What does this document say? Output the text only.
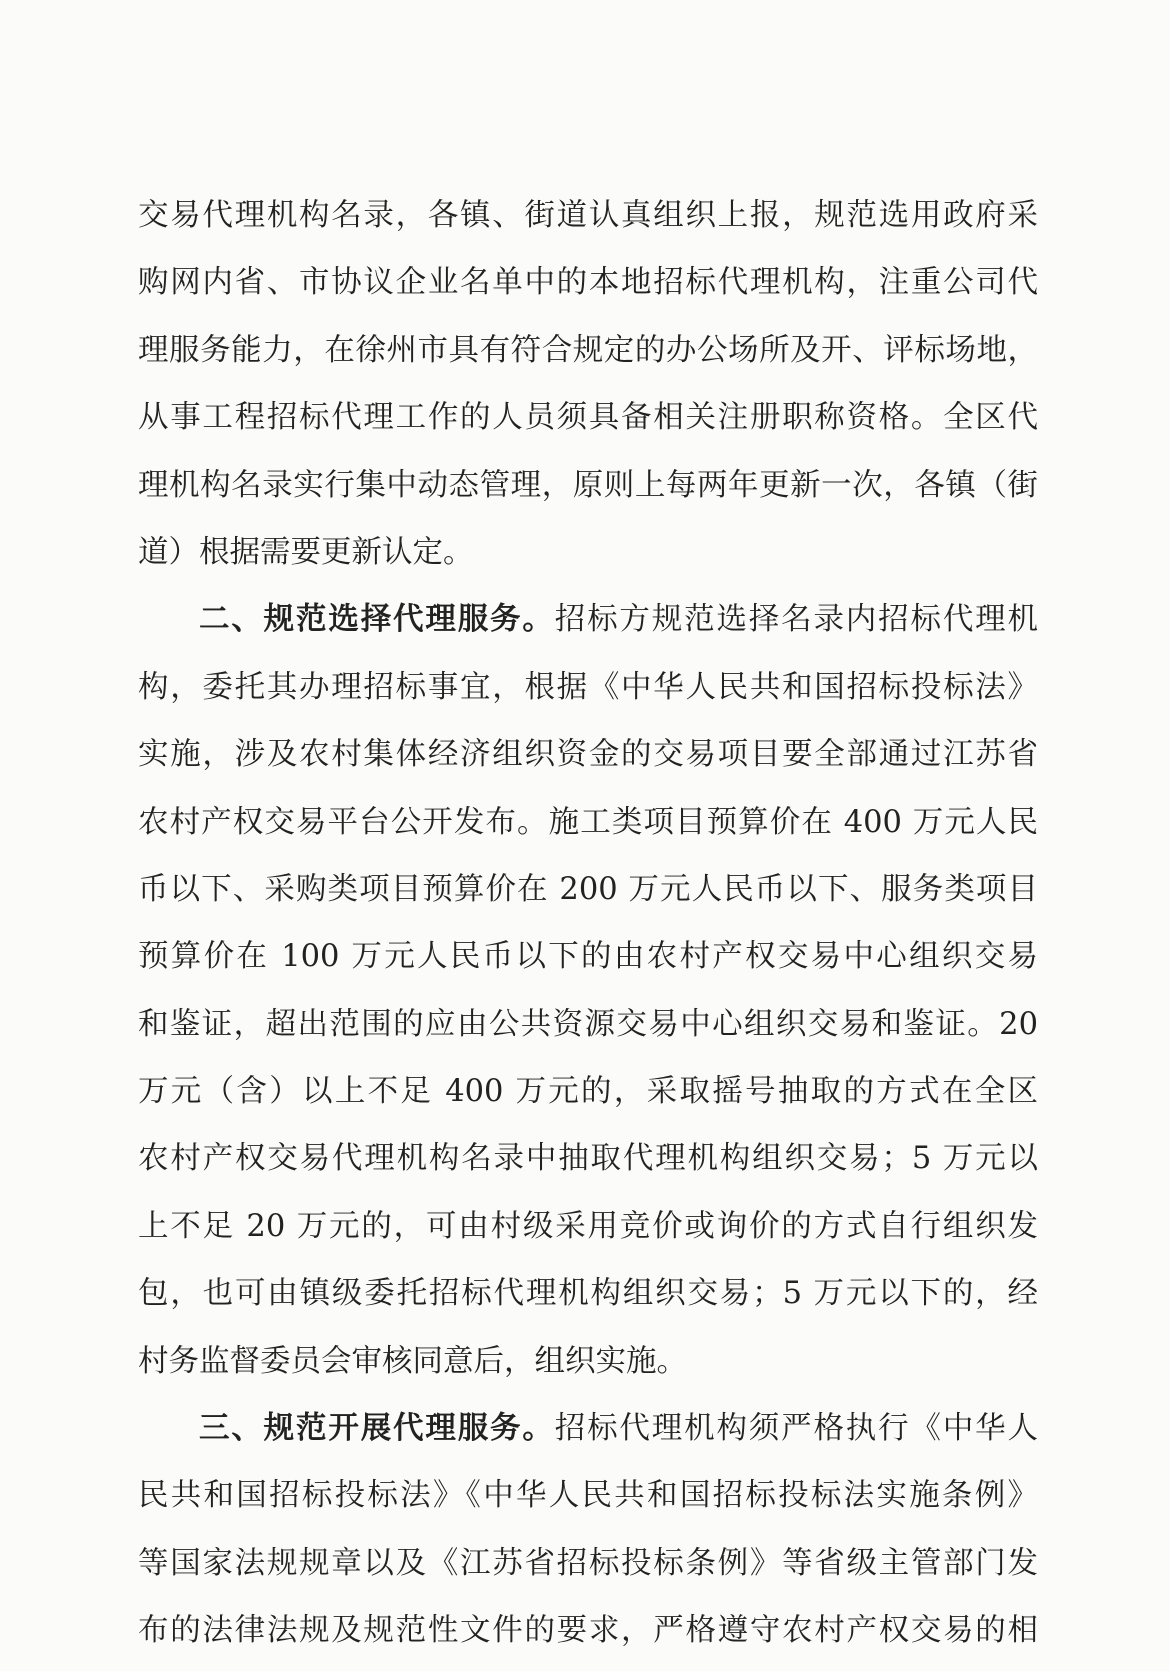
交易代理机构名录，各镇、街道认真组织上报，规范选用政府采
购网内省、市协议企业名单中的本地招标代理机构，注重公司代
理服务能力，在徐州市具有符合规定的办公场所及开、评标场地，
从事工程招标代理工作的人员须具备相关注册职称资格。全区代
理机构名录实行集中动态管理，原则上每两年更新一次，各镇（街
道）根据需要更新认定。
二、规范选择代理服务。招标方规范选择名录内招标代理机
构，委托其办理招标事宜，根据《中华人民共和国招标投标法》
实施，涉及农村集体经济组织资金的交易项目要全部通过江苏省
农村产权交易平台公开发布。施工类项目预算价在 400 万元人民
币以下、采购类项目预算价在 200 万元人民币以下、服务类项目
预算价在 100 万元人民币以下的由农村产权交易中心组织交易
和鉴证，超出范围的应由公共资源交易中心组织交易和鉴证。20
万元（含）以上不足 400 万元的，采取摇号抽取的方式在全区
农村产权交易代理机构名录中抽取代理机构组织交易；5 万元以
上不足 20 万元的，可由村级采用竞价或询价的方式自行组织发
包，也可由镇级委托招标代理机构组织交易；5 万元以下的，经
村务监督委员会审核同意后，组织实施。
三、规范开展代理服务。招标代理机构须严格执行《中华人
民共和国招标投标法》《中华人民共和国招标投标法实施条例》
等国家法规规章以及《江苏省招标投标条例》等省级主管部门发
布的法律法规及规范性文件的要求，严格遵守农村产权交易的相
